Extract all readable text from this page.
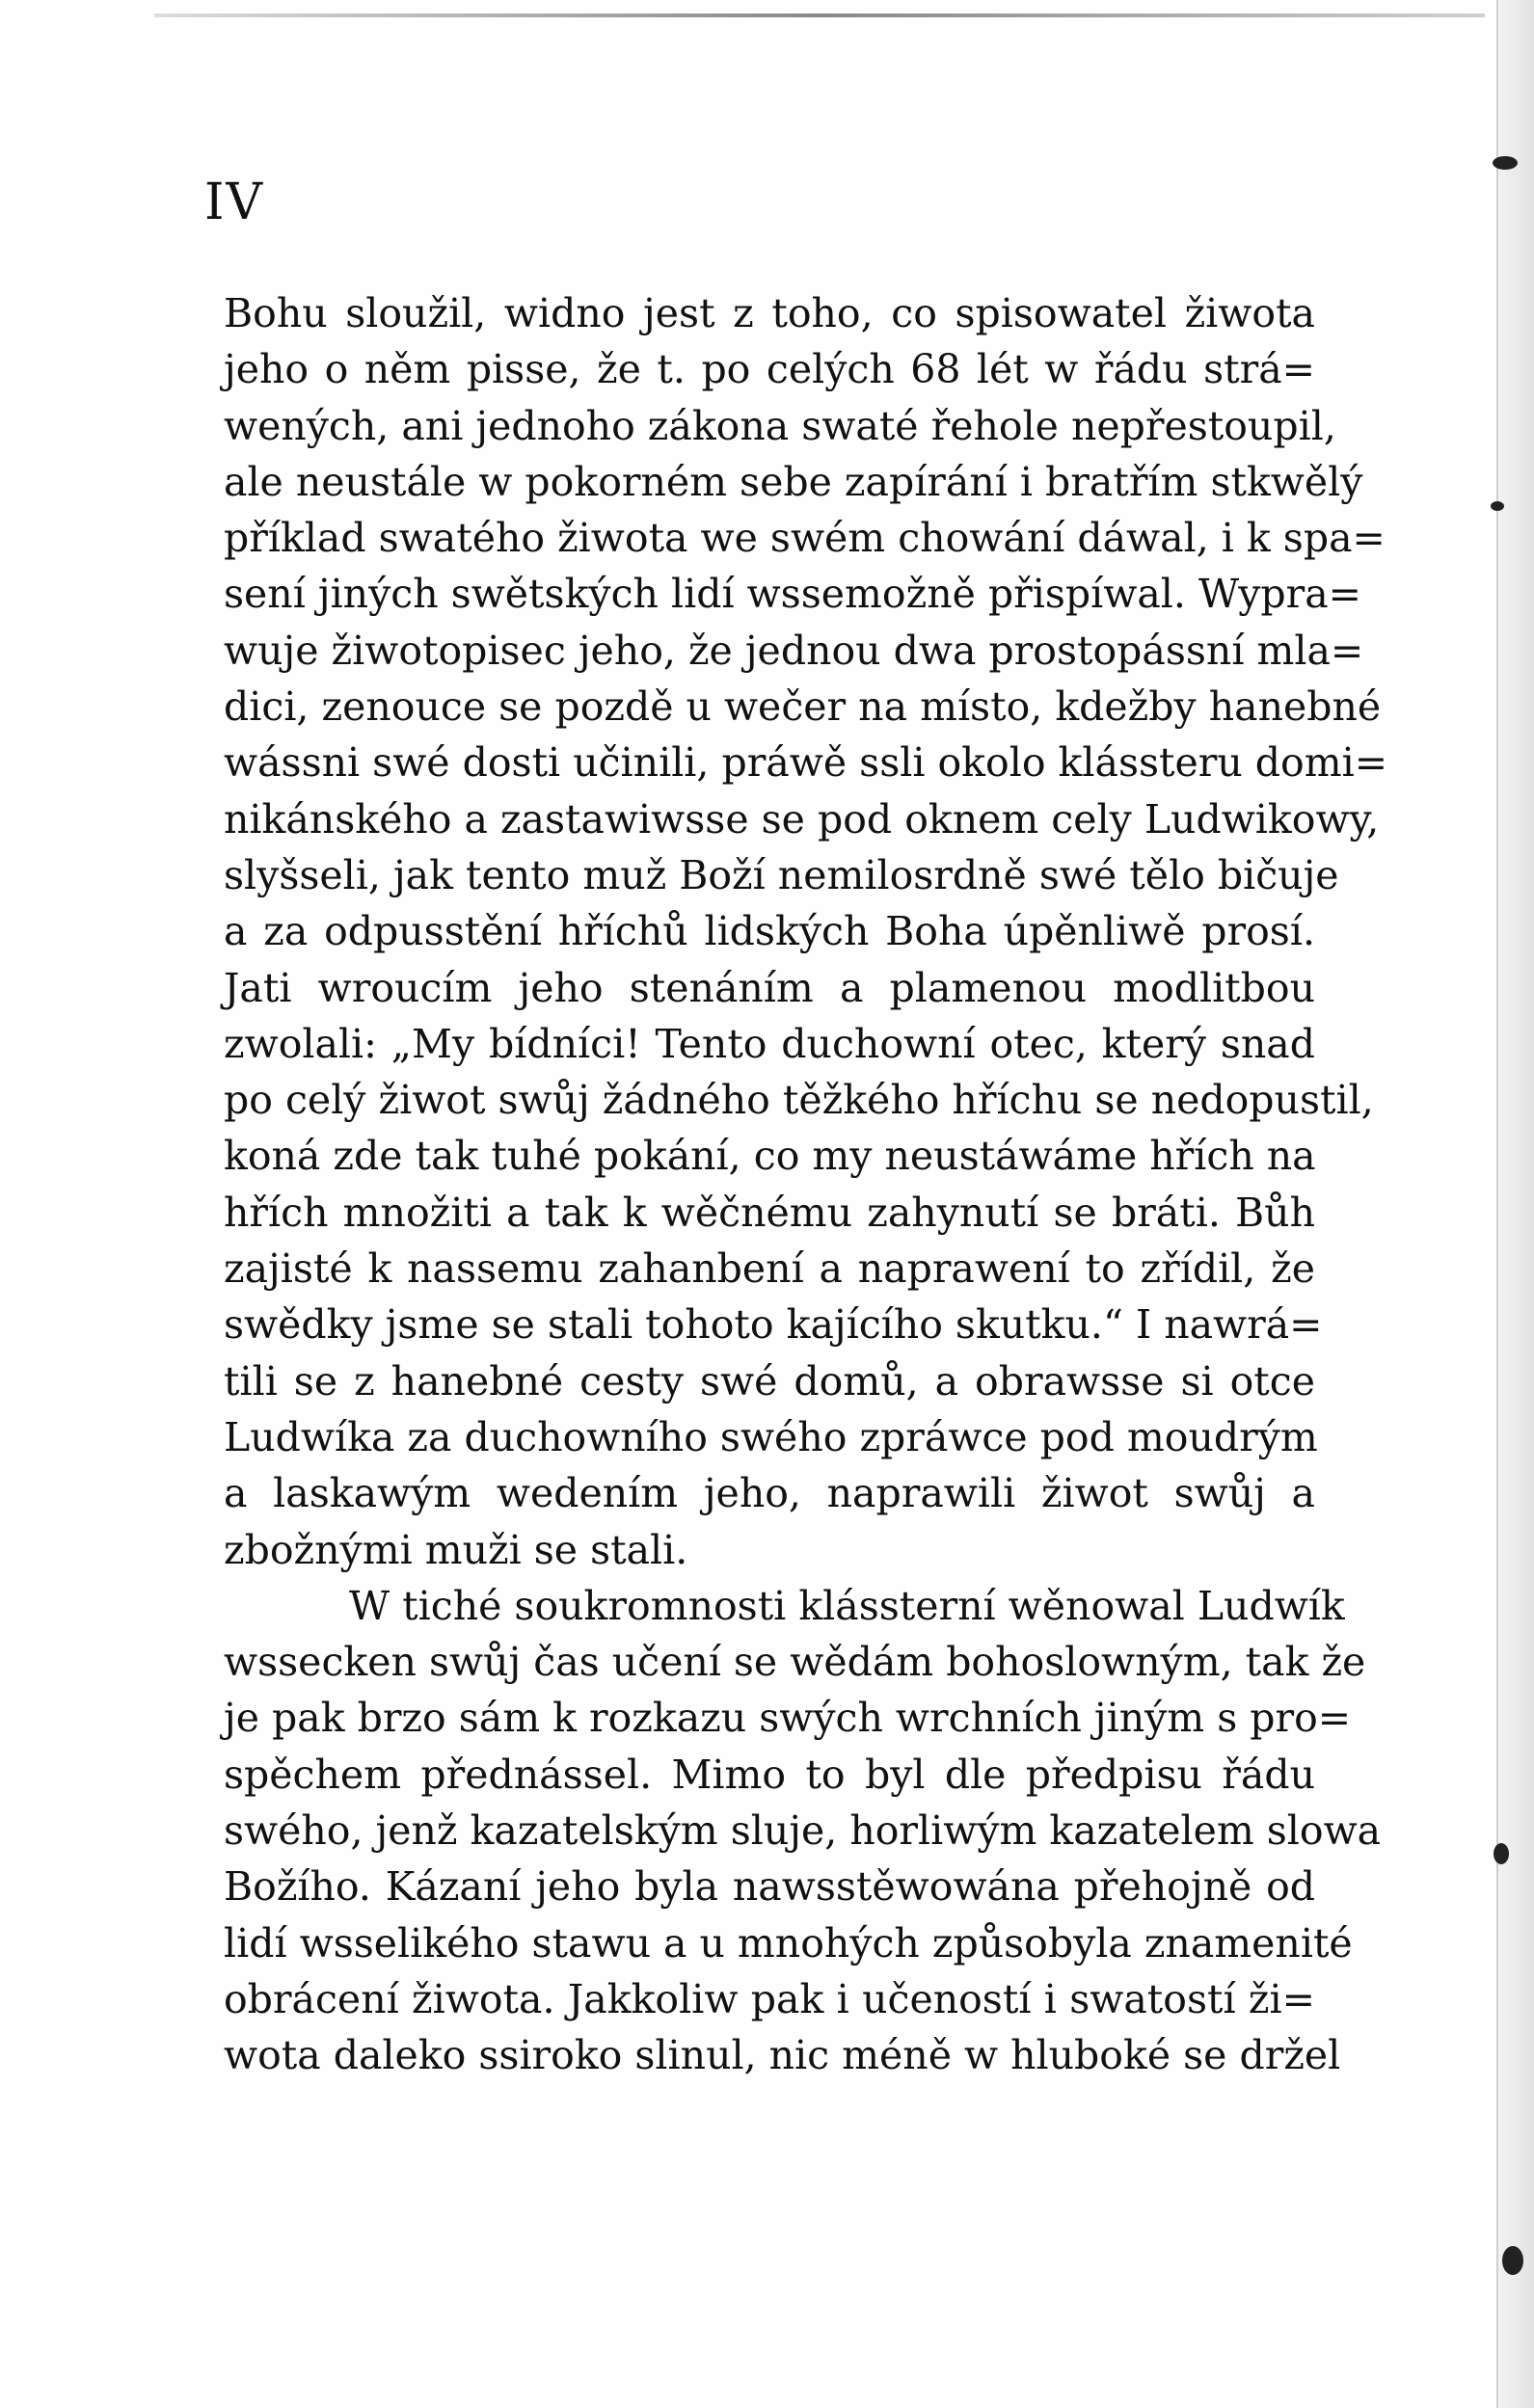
IV
Bohu sloužil, widno jest z toho, co spisowatel žiwota
jeho o něm pisse, že t. po celých 68 lét w řádu strá=
wených, ani jednoho zákona swaté řehole nepřestoupil,
ale neustále w pokorném sebe zapírání i bratřím stkwělý
příklad swatého žiwota we swém chowání dáwal, i k spa=
sení jiných swětských lidí wssemožně přispíwal. Wypra=
wuje žiwotopisec jeho, že jednou dwa prostopássní mla=
dici, zenouce se pozdě u wečer na místo, kdežby hanebné
wássni swé dosti učinili, práwě ssli okolo klássteru domi=
nikánského a zastawiwsse se pod oknem cely Ludwikowy,
slyšseli, jak tento muž Boží nemilosrdně swé tělo bičuje
a za odpusstění hříchů lidských Boha úpěnliwě prosí.
Jati wroucím jeho stenáním a plamenou modlitbou
zwolali: „My bídníci! Tento duchowní otec, který snad
po celý žiwot swůj žádného těžkého hříchu se nedopustil,
koná zde tak tuhé pokání, co my neustáwáme hřích na
hřích množiti a tak k wěčnému zahynutí se bráti. Bůh
zajisté k nassemu zahanbení a naprawení to zřídil, že
swědky jsme se stali tohoto kajícího skutku.“ I nawrá=
tili se z hanebné cesty swé domů, a obrawsse si otce
Ludwíka za duchowního swého zpráwce pod moudrým
a laskawým wedením jeho, naprawili žiwot swůj a
zbožnými muži se stali.
W tiché soukromnosti klássterní wěnowal Ludwík
wssecken swůj čas učení se wědám bohoslowným, tak že
je pak brzo sám k rozkazu swých wrchních jiným s pro=
spěchem přednássel. Mimo to byl dle předpisu řádu
swého, jenž kazatelským sluje, horliwým kazatelem slowa
Božího. Kázaní jeho byla nawsstěwowána přehojně od
lidí wsselikého stawu a u mnohých způsobyla znamenité
obrácení žiwota. Jakkoliw pak i učeností i swatostí ži=
wota daleko ssiroko slinul, nic méně w hluboké se držel
